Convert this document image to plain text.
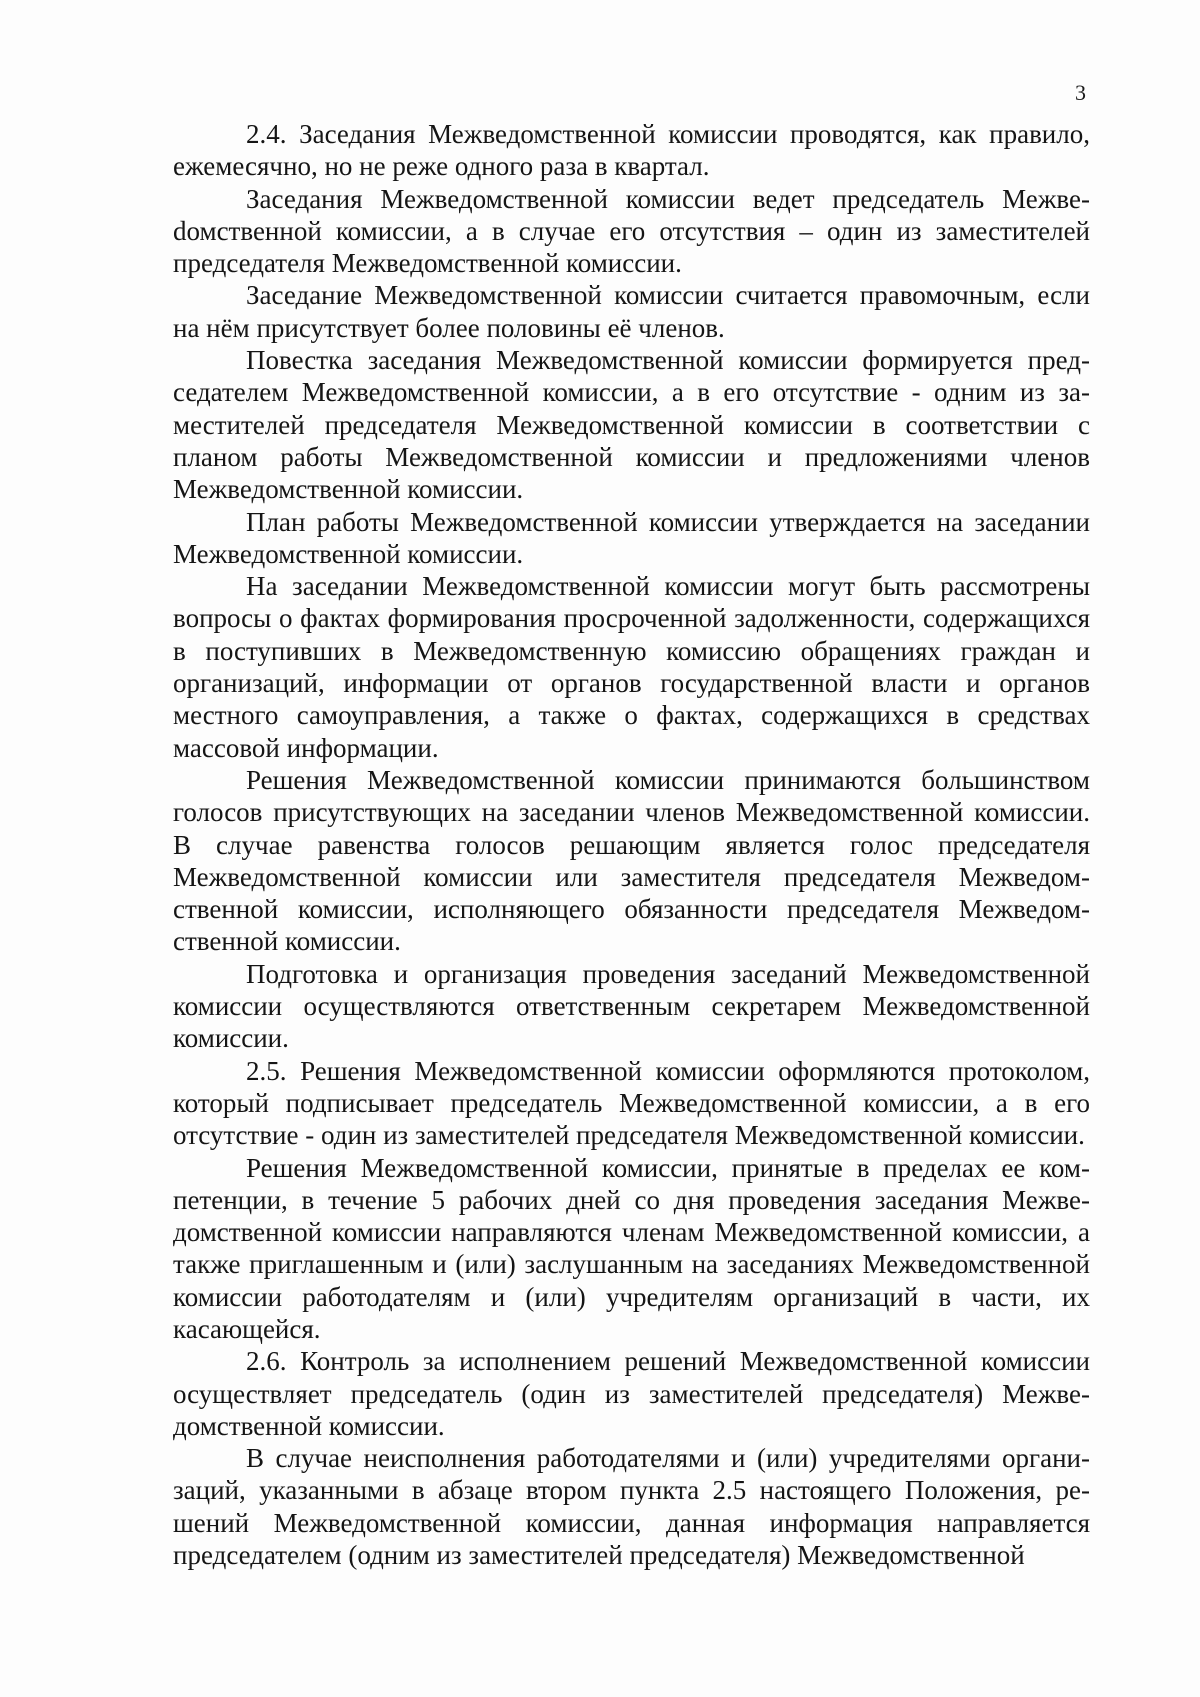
3

2.4. Заседания Межведомственной комиссии проводятся, как правило, ежемесячно, но не реже одного раза в квартал.

Заседания Межведомственной комиссии ведет председатель Межвеdомственной комиссии, а в случае его отсутствия – один из заместителей председателя Межведомственной комиссии.

Заседание Межведомственной комиссии считается правомочным, если на нём присутствует более половины её членов.

Повестка заседания Межведомственной комиссии формируется председателем Межведомственной комиссии, а в его отсутствие - одним из заместителей председателя Межведомственной комиссии в соответствии с планом работы Межведомственной комиссии и предложениями членов Межведомственной комиссии.

План работы Межведомственной комиссии утверждается на заседании Межведомственной комиссии.

На заседании Межведомственной комиссии могут быть рассмотрены вопросы о фактах формирования просроченной задолженности, содержащихся в поступивших в Межведомственную комиссию обращениях граждан и организаций, информации от органов государственной власти и органов местного самоуправления, а также о фактах, содержащихся в средствах массовой информации.

Решения Межведомственной комиссии принимаются большинством голосов присутствующих на заседании членов Межведомственной комиссии. В случае равенства голосов решающим является голос председателя Межведомственной комиссии или заместителя председателя Межведомственной комиссии, исполняющего обязанности председателя Межведомственной комиссии.

Подготовка и организация проведения заседаний Межведомственной комиссии осуществляются ответственным секретарем Межведомственной комиссии.

2.5. Решения Межведомственной комиссии оформляются протоколом, который подписывает председатель Межведомственной комиссии, а в его отсутствие - один из заместителей председателя Межведомственной комиссии.

Решения Межведомственной комиссии, принятые в пределах ее компетенции, в течение 5 рабочих дней со дня проведения заседания Межведомственной комиссии направляются членам Межведомственной комиссии, а также приглашенным и (или) заслушанным на заседаниях Межведомственной комиссии работодателям и (или) учредителям организаций в части, их касающейся.

2.6. Контроль за исполнением решений Межведомственной комиссии осуществляет председатель (один из заместителей председателя) Межведомственной комиссии.

В случае неисполнения работодателями и (или) учредителями организаций, указанными в абзаце втором пункта 2.5 настоящего Положения, решений Межведомственной комиссии, данная информация направляется председателем (одним из заместителей председателя) Межведомственной
